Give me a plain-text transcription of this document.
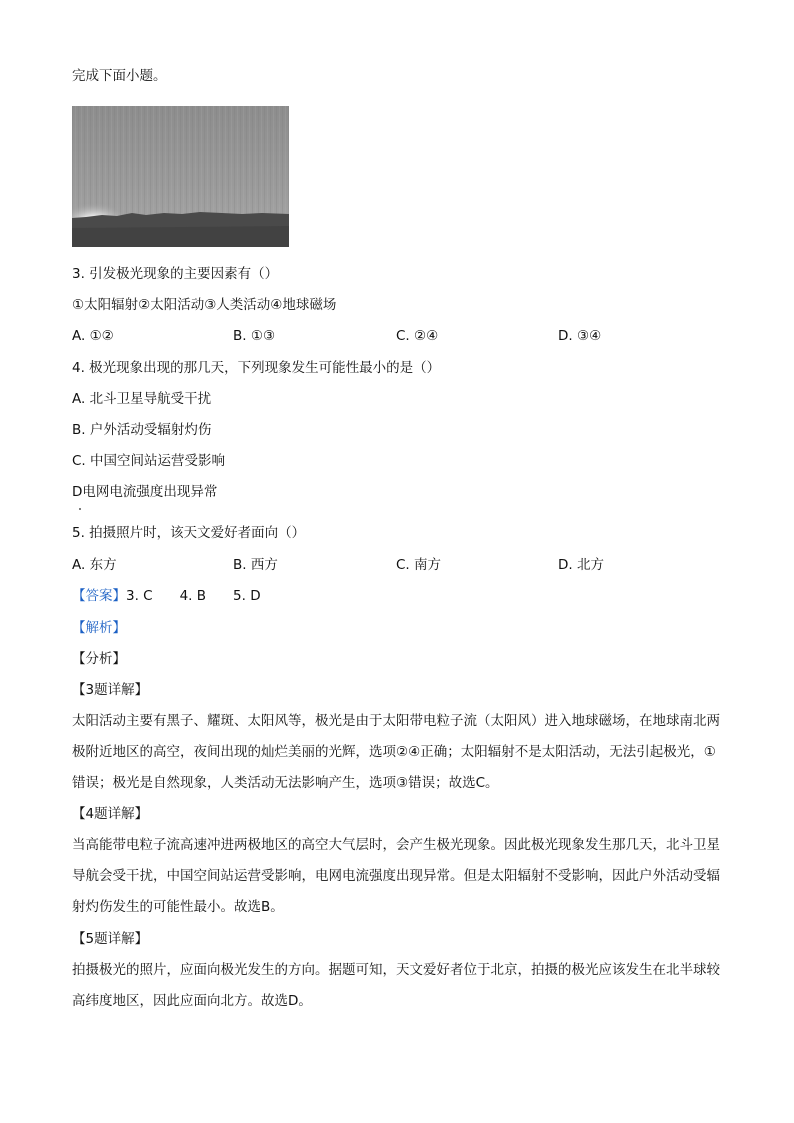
完成下面小题。
3. 引发极光现象的主要因素有（）
①太阳辐射②太阳活动③人类活动④地球磁场
A. ①②	B. ①③	C. ②④	D. ③④
4. 极光现象出现的那几天，下列现象发生可能性最小的是（）
A. 北斗卫星导航受干扰
B. 户外活动受辐射灼伤
C. 中国空间站运营受影响
D电网电流强度出现异常
5. 拍摄照片时，该天文爱好者面向（）
A. 东方	B. 西方	C. 南方	D. 北方
【答案】3. C　　4. B　　5. D
【解析】
【分析】
【3题详解】
太阳活动主要有黑子、耀斑、太阳风等，极光是由于太阳带电粒子流（太阳风）进入地球磁场，在地球南北两极附近地区的高空，夜间出现的灿烂美丽的光辉，选项②④正确；太阳辐射不是太阳活动，无法引起极光，①错误；极光是自然现象，人类活动无法影响产生，选项③错误；故选C。
【4题详解】
当高能带电粒子流高速冲进两极地区的高空大气层时，会产生极光现象。因此极光现象发生那几天，北斗卫星导航会受干扰，中国空间站运营受影响，电网电流强度出现异常。但是太阳辐射不受影响，因此户外活动受辐射灼伤发生的可能性最小。故选B。
【5题详解】
拍摄极光的照片，应面向极光发生的方向。据题可知，天文爱好者位于北京，拍摄的极光应该发生在北半球较高纬度地区，因此应面向北方。故选D。
